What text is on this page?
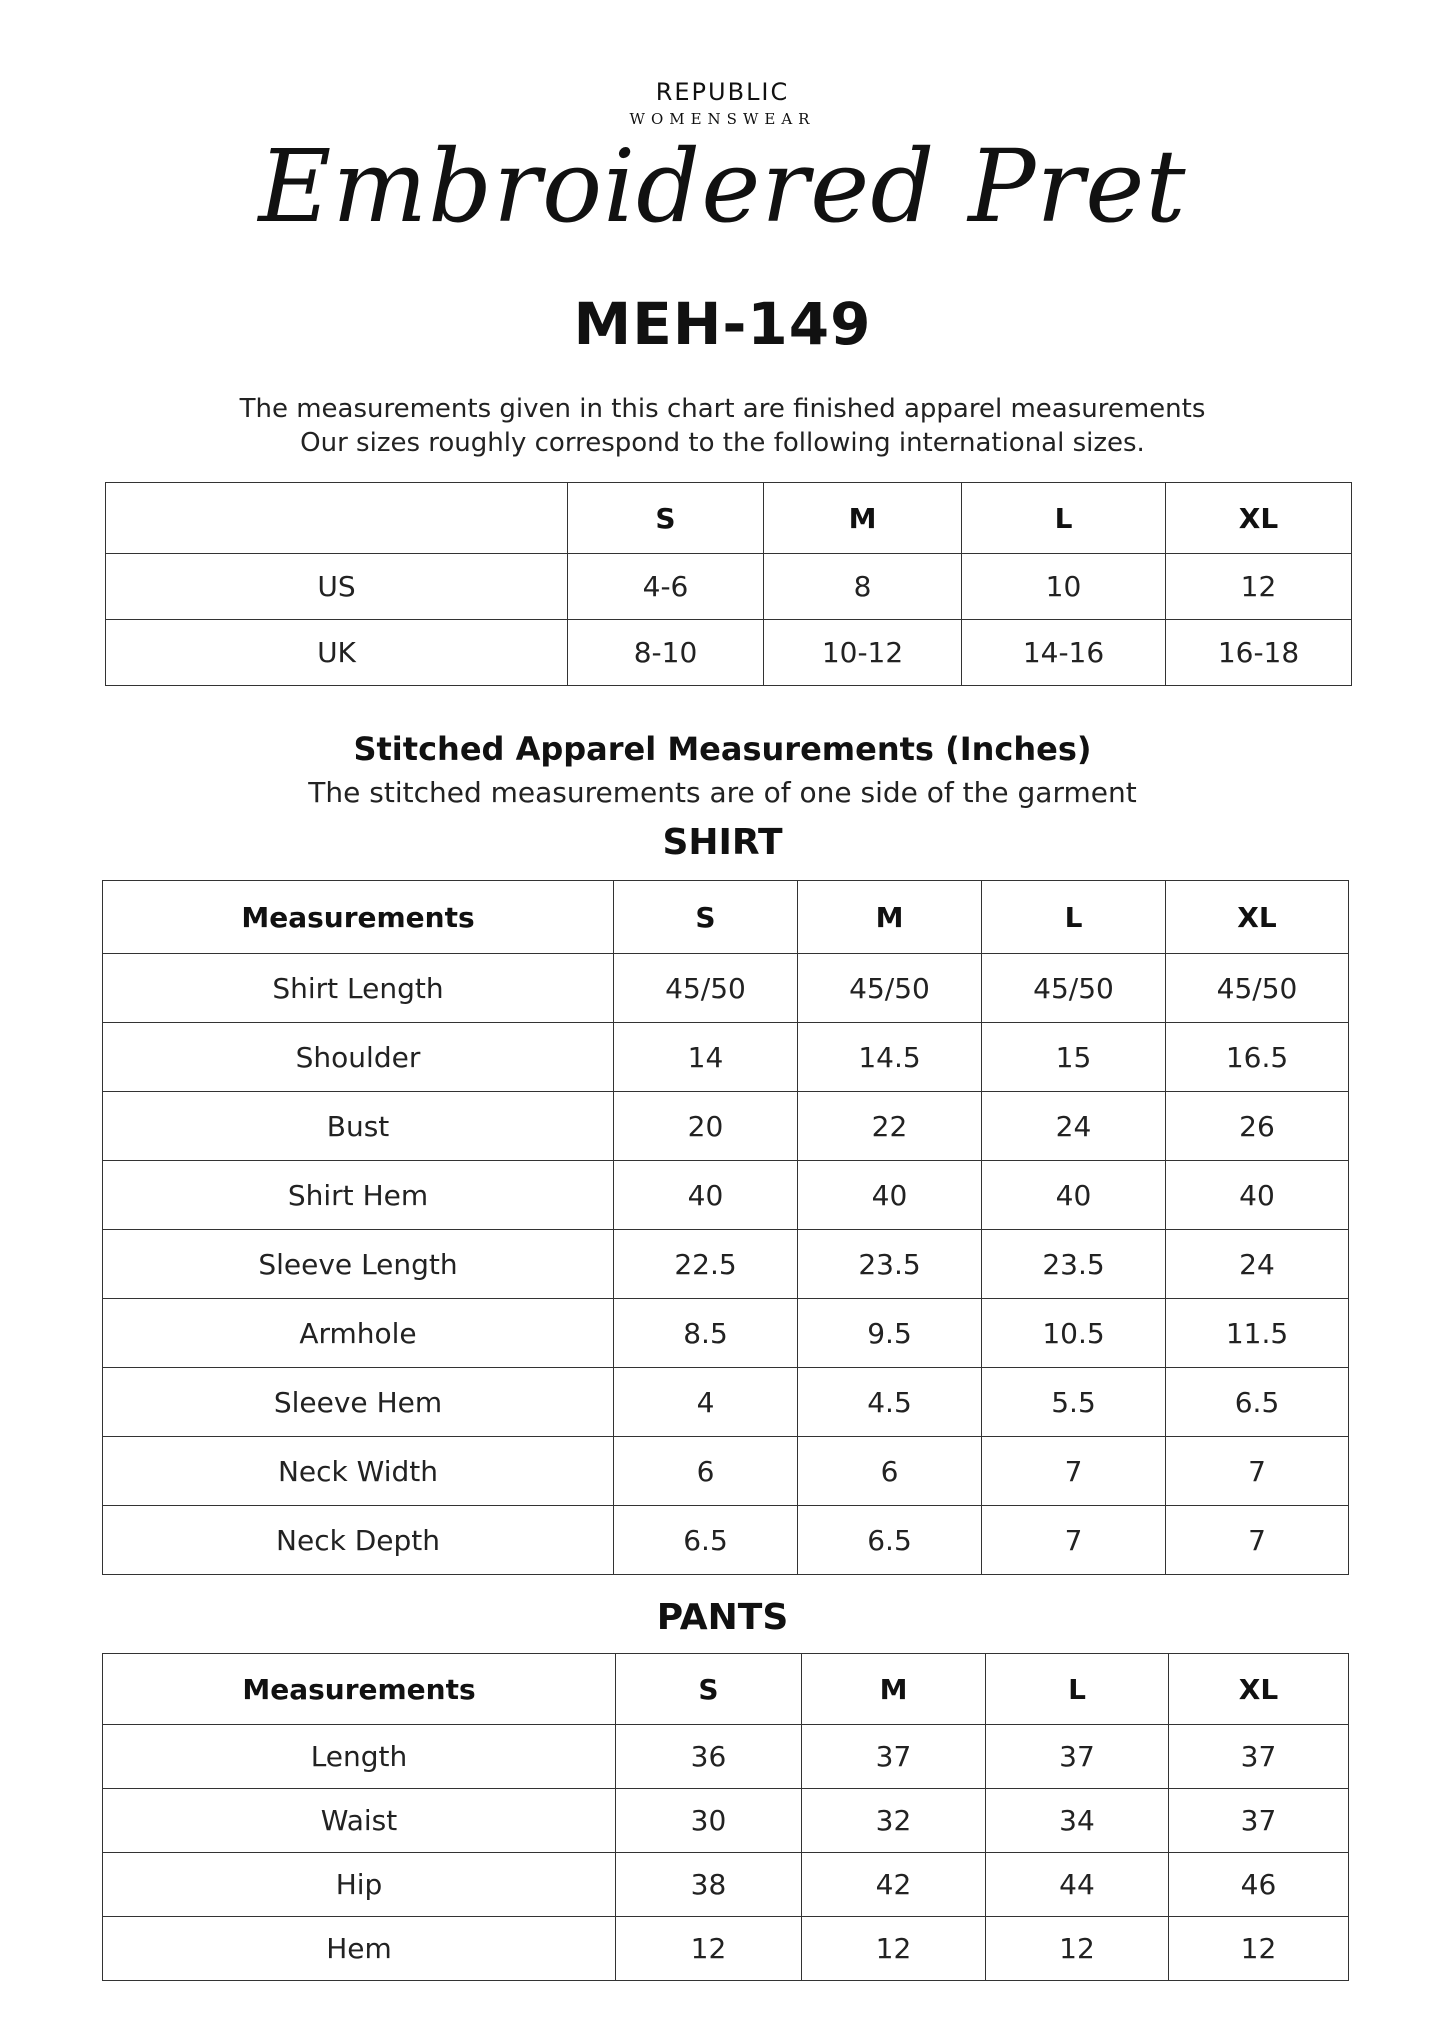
REPUBLIC
WOMENSWEAR
Embroidered Pret
MEH-149
The measurements given in this chart are finished apparel measurements
Our sizes roughly correspond to the following international sizes.
	S	M	L	XL
US	4-6	8	10	12
UK	8-10	10-12	14-16	16-18
Stitched Apparel Measurements (Inches)
The stitched measurements are of one side of the garment
SHIRT
Measurements	S	M	L	XL
Shirt Length	45/50	45/50	45/50	45/50
Shoulder	14	14.5	15	16.5
Bust	20	22	24	26
Shirt Hem	40	40	40	40
Sleeve Length	22.5	23.5	23.5	24
Armhole	8.5	9.5	10.5	11.5
Sleeve Hem	4	4.5	5.5	6.5
Neck Width	6	6	7	7
Neck Depth	6.5	6.5	7	7
PANTS
Measurements	S	M	L	XL
Length	36	37	37	37
Waist	30	32	34	37
Hip	38	42	44	46
Hem	12	12	12	12
